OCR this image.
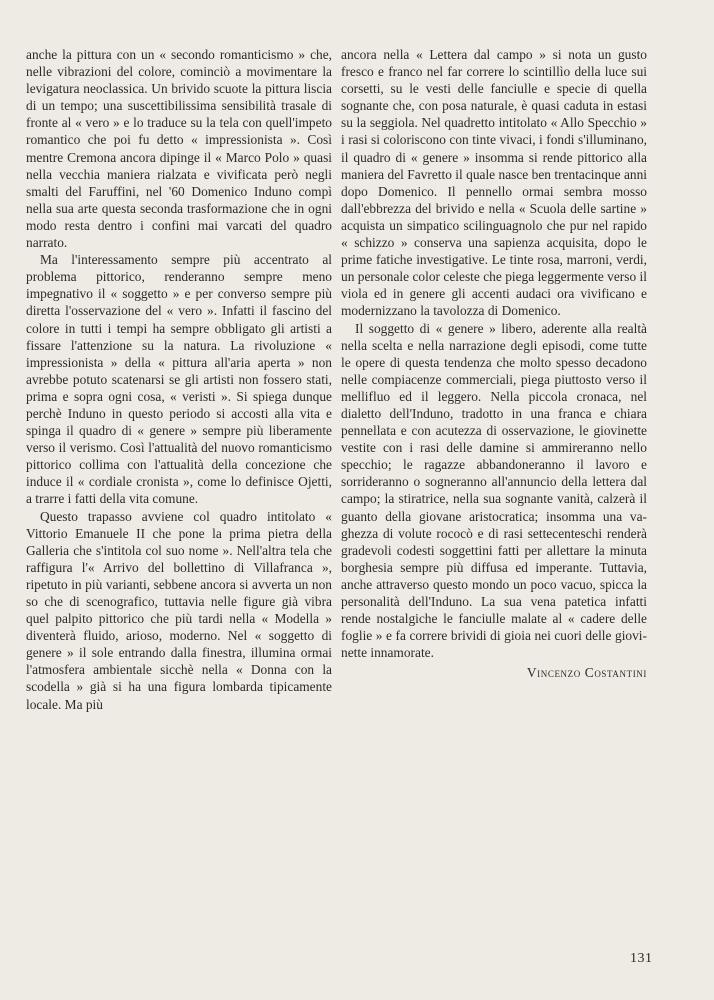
anche la pittura con un « secondo romanticismo » che, nelle vibrazioni del colore, cominciò a movimentare la levigatura neoclassica. Un brivido scuote la pittura liscia di un tempo; una suscettibilissima sensibilità trasale di fronte al « vero » e lo traduce su la tela con quell'impeto romantico che poi fu detto « impressionista ». Così mentre Cremona ancora dipinge il « Marco Polo » quasi nella vecchia maniera rialzata e vivificata però negli smalti del Faruffini, nel '60 Domenico Induno compì nella sua arte questa seconda trasformazione che in ogni modo resta dentro i confini mai varcati del quadro narrato.

Ma l'interessamento sempre più accentrato al problema pittorico, renderanno sempre meno impegnativo il « soggetto » e per converso sempre più diretta l'osservazione del « vero ». Infatti il fascino del colore in tutti i tempi ha sempre obbligato gli artisti a fissare l'attenzione su la natura. La rivoluzione « impressionista » della « pittura all'aria aperta » non avrebbe potuto scatenarsi se gli artisti non fossero stati, prima e sopra ogni cosa, « veristi ». Si spiega dunque perchè Induno in questo periodo si accosti alla vita e spinga il quadro di « genere » sempre più liberamente verso il verismo. Così l'attualità del nuovo romanticismo pittorico collima con l'attualità della concezione che induce il « cordiale cronista », come lo definisce Ojetti, a trarre i fatti della vita comune.

Questo trapasso avviene col quadro intitolato « Vittorio Emanuele II che pone la prima pietra della Galleria che s'intitola col suo nome ». Nell'altra tela che raffigura l'« Arrivo del bollettino di Villafranca », ripetuto in più varianti, sebbene ancora si avverta un non so che di scenografico, tuttavia nelle figure già vibra quel palpito pittorico che più tardi nella « Modella » diventerà fluido, arioso, moderno. Nel « soggetto di genere » il sole entrando dalla finestra, illumina ormai l'atmosfera ambientale sicchè nella « Donna con la scodella » già si ha una figura lombarda tipicamente locale. Ma più

ancora nella « Lettera dal campo » si nota un gusto fresco e franco nel far correre lo scintillìo della luce sui corsetti, su le vesti delle fanciulle e specie di quella sognante che, con posa naturale, è quasi caduta in estasi su la seggiola. Nel quadretto intitolato « Allo Specchio » i rasi si coloriscono con tinte vivaci, i fondi s'illuminano, il quadro di « genere » insomma si rende pittorico alla maniera del Favretto il quale nasce ben trentacinque anni dopo Domenico. Il pennello ormai sembra mosso dall'ebbrezza del brivido e nella « Scuola delle sartine » acquista un simpatico scilinguagnolo che pur nel rapido « schizzo » conserva una sapienza acquisita, dopo le prime fatiche investigative. Le tinte rosa, marroni, verdi, un personale color celeste che piega leggermente verso il viola ed in genere gli accenti audaci ora vivificano e modernizzano la tavolozza di Domenico.

Il soggetto di « genere » libero, aderente alla realtà nella scelta e nella narrazione degli episodi, come tutte le opere di questa tendenza che molto spesso decadono nelle compiacenze commerciali, piega piuttosto verso il mellifluo ed il leggero. Nella piccola cronaca, nel dialetto dell'Induno, tradotto in una franca e chiara pennellata e con acutezza di osservazione, le giovinette vestite con i rasi delle damine si ammireranno nello specchio; le ragazze abbandoneranno il lavoro e sorrideranno o sogneranno all'annuncio della lettera dal campo; la stiratrice, nella sua sognante vanità, calzerà il guanto della giovane aristocratica; insomma una vaghezza di volute rococò e di rasi settecenteschi renderà gradevoli codesti soggettini fatti per allettare la minuta borghesia sempre più diffusa ed imperante. Tuttavia, anche attraverso questo mondo un poco vacuo, spicca la personalità dell'Induno. La sua vena patetica infatti rende nostalgiche le fanciulle malate al « cadere delle foglie » e fa correre brividi di gioia nei cuori delle giovinette innamorate.

Vincenzo Costantini
131
